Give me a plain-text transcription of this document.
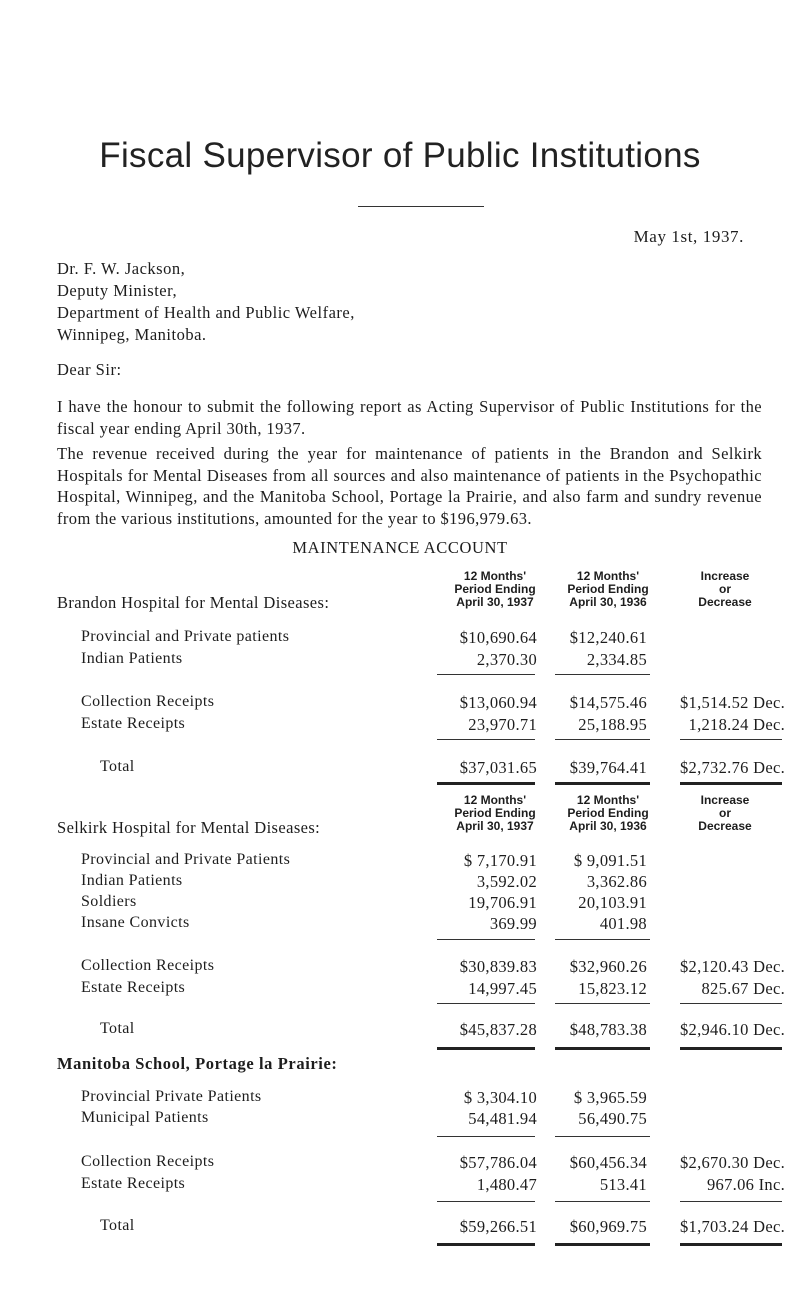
Fiscal Supervisor of Public Institutions
May 1st, 1937.
Dr. F. W. Jackson,
Deputy Minister,
Department of Health and Public Welfare,
Winnipeg, Manitoba.
Dear Sir:
I have the honour to submit the following report as Acting Supervisor of Public Institutions for the fiscal year ending April 30th, 1937.
The revenue received during the year for maintenance of patients in the Brandon and Selkirk Hospitals for Mental Diseases from all sources and also maintenance of patients in the Psychopathic Hospital, Winnipeg, and the Manitoba School, Portage la Prairie, and also farm and sundry revenue from the various institutions, amounted for the year to $196,979.63.
MAINTENANCE ACCOUNT
12 Months'
Period Ending
April 30, 1937
12 Months'
Period Ending
April 30, 1936
Increase
or
Decrease
Brandon Hospital for Mental Diseases:
Provincial and Private patients	$10,690.64	$12,240.61
Indian Patients	2,370.30	2,334.85
Collection Receipts	$13,060.94	$14,575.46	$1,514.52 Dec.
Estate Receipts	23,970.71	25,188.95	1,218.24 Dec.
Total	$37,031.65	$39,764.41	$2,732.76 Dec.
12 Months'
Period Ending
April 30, 1937
12 Months'
Period Ending
April 30, 1936
Increase
or
Decrease
Selkirk Hospital for Mental Diseases:
Provincial and Private Patients	$ 7,170.91	$ 9,091.51
Indian Patients	3,592.02	3,362.86
Soldiers	19,706.91	20,103.91
Insane Convicts	369.99	401.98
Collection Receipts	$30,839.83	$32,960.26	$2,120.43 Dec.
Estate Receipts	14,997.45	15,823.12	825.67 Dec.
Total	$45,837.28	$48,783.38	$2,946.10 Dec.
Manitoba School, Portage la Prairie:
Provincial Private Patients	$ 3,304.10	$ 3,965.59
Municipal Patients	54,481.94	56,490.75
Collection Receipts	$57,786.04	$60,456.34	$2,670.30 Dec.
Estate Receipts	1,480.47	513.41	967.06 Inc.
Total	$59,266.51	$60,969.75	$1,703.24 Dec.
